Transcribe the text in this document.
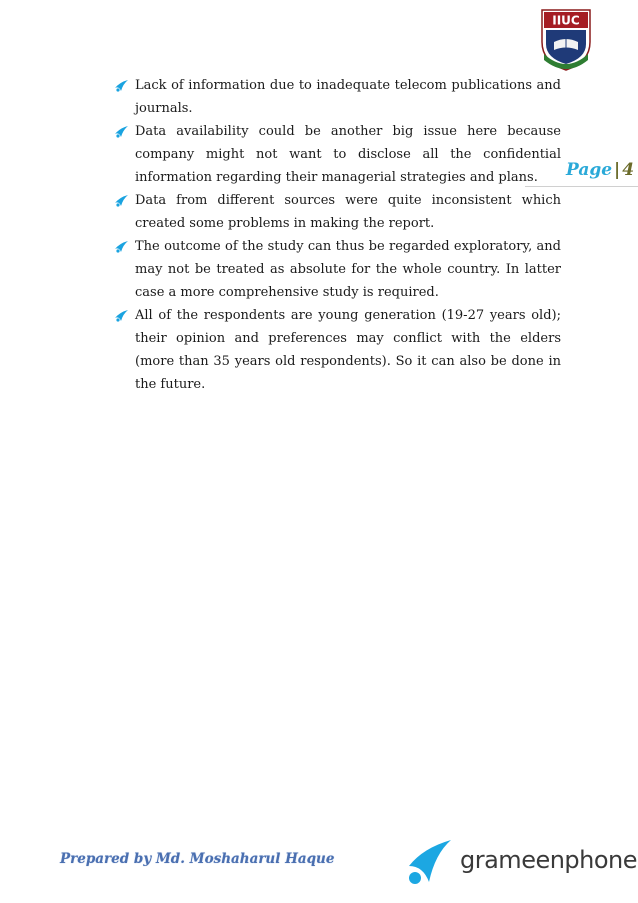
IIUC
Page | 4

Lack of information due to inadequate telecom publications and journals.

Data availability could be another big issue here because company might not want to disclose all the confidential information regarding their managerial strategies and plans.

Data from different sources were quite inconsistent which created some problems in making the report.

The outcome of the study can thus be regarded exploratory, and may not be treated as absolute for the whole country. In latter case a more comprehensive study is required.

All of the respondents are young generation (19-27 years old); their opinion and preferences may conflict with the elders (more than 35 years old respondents). So it can also be done in the future.

Prepared by Md. Moshaharul Haque	grameenphone
